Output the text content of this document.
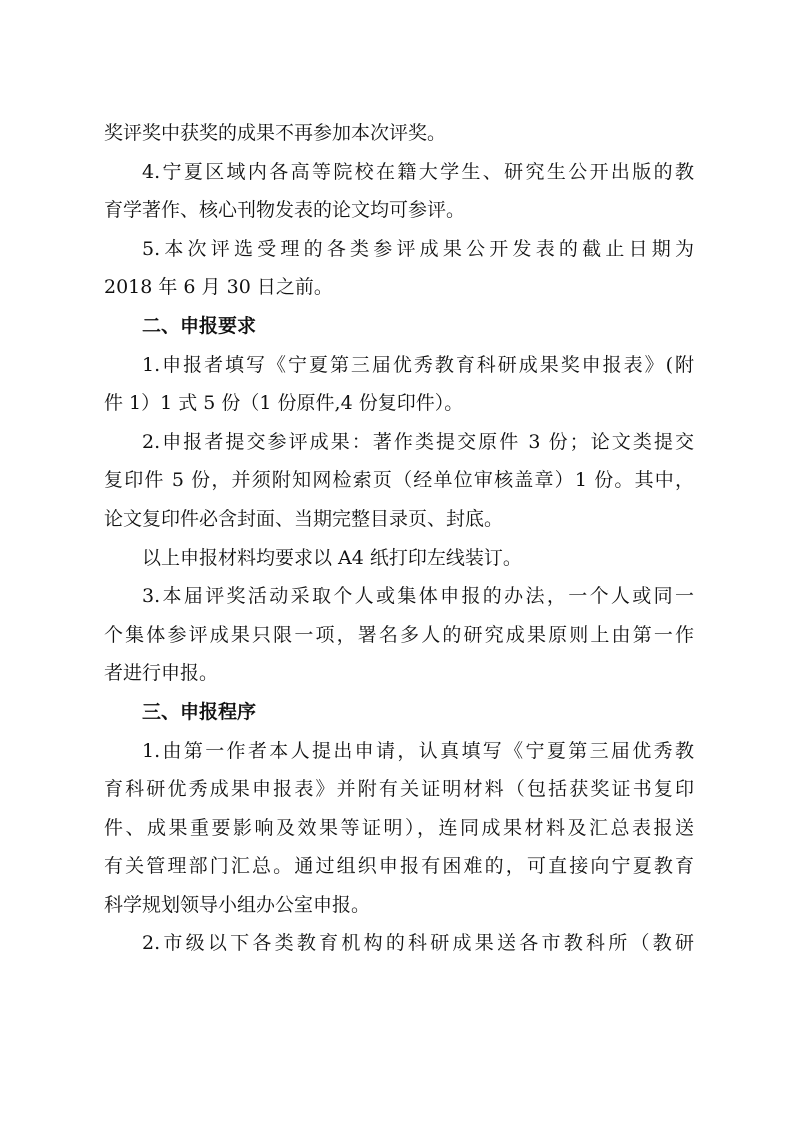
奖评奖中获奖的成果不再参加本次评奖。
4.宁夏区域内各高等院校在籍大学生、研究生公开出版的教
育学著作、核心刊物发表的论文均可参评。
5.本次评选受理的各类参评成果公开发表的截止日期为
2018 年 6 月 30 日之前。
二、申报要求
1.申报者填写《宁夏第三届优秀教育科研成果奖申报表》(附
件 1）1 式 5 份（1 份原件,4 份复印件）。
2.申报者提交参评成果：著作类提交原件 3 份；论文类提交
复印件 5 份，并须附知网检索页（经单位审核盖章）1 份。其中，
论文复印件必含封面、当期完整目录页、封底。
以上申报材料均要求以 A4 纸打印左线装订。
3.本届评奖活动采取个人或集体申报的办法，一个人或同一
个集体参评成果只限一项，署名多人的研究成果原则上由第一作
者进行申报。
三、申报程序
1.由第一作者本人提出申请，认真填写《宁夏第三届优秀教
育科研优秀成果申报表》并附有关证明材料（包括获奖证书复印
件、成果重要影响及效果等证明），连同成果材料及汇总表报送
有关管理部门汇总。通过组织申报有困难的，可直接向宁夏教育
科学规划领导小组办公室申报。
2.市级以下各类教育机构的科研成果送各市教科所（教研
